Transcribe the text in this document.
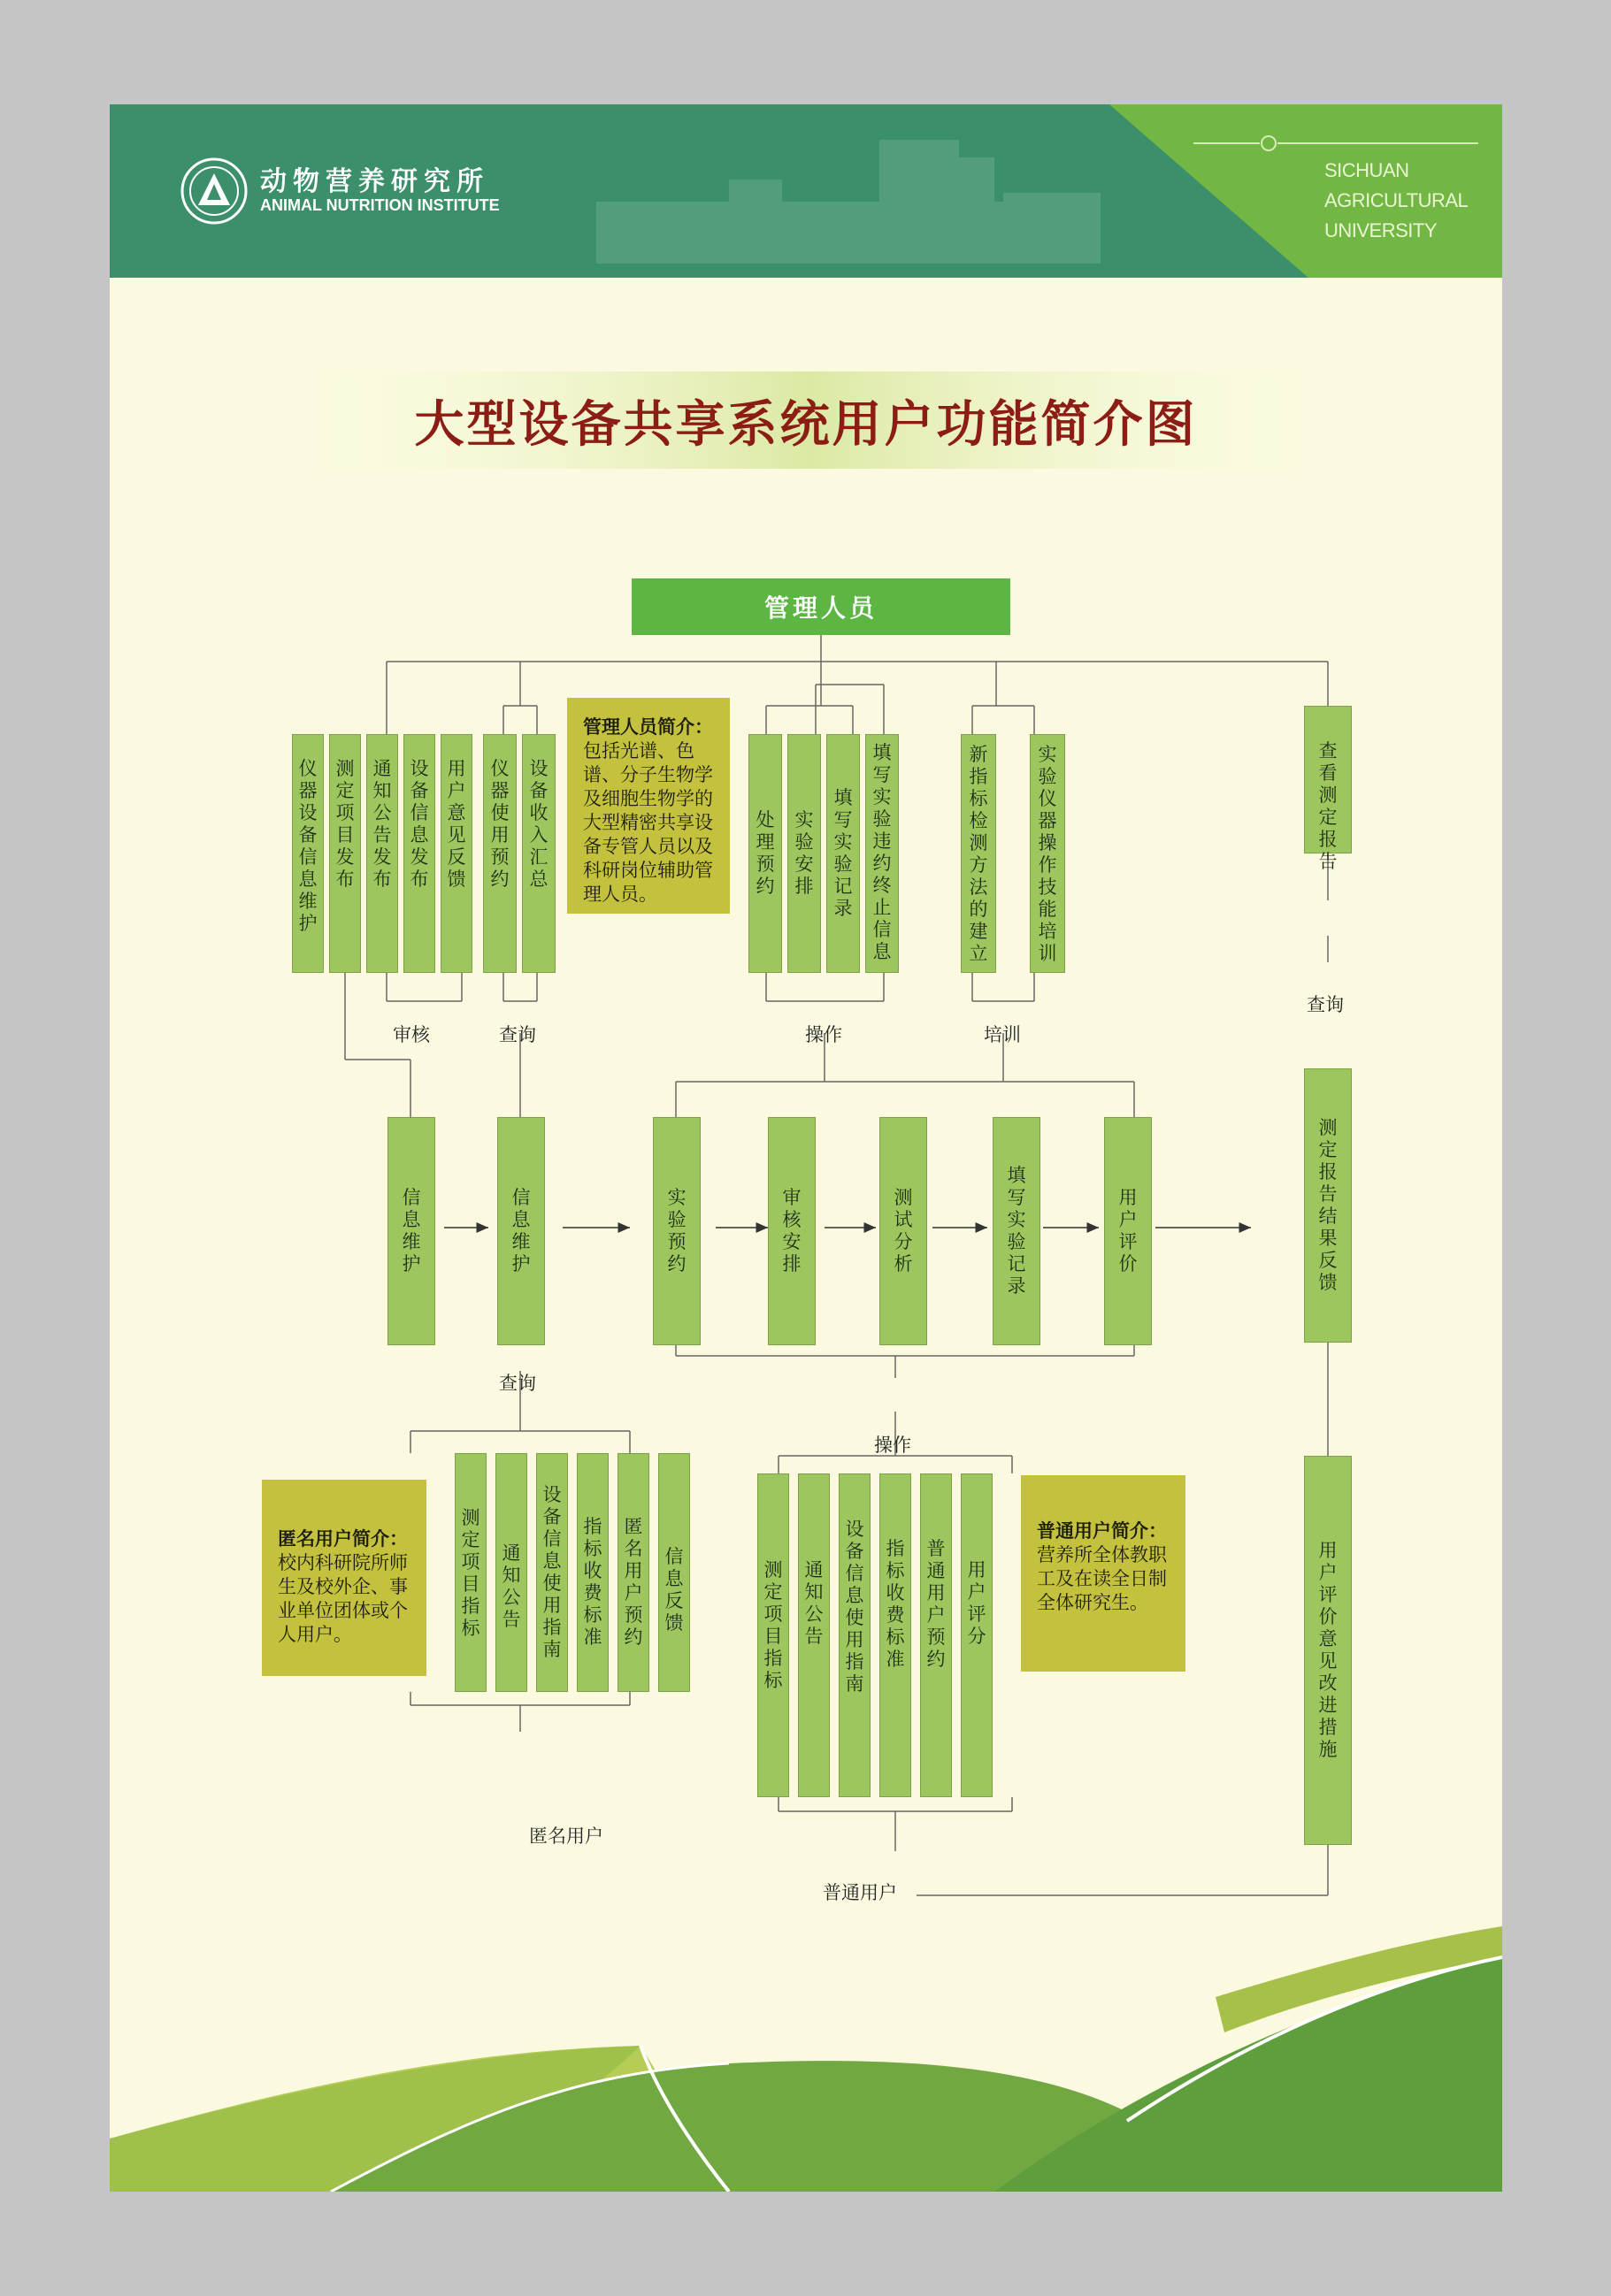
动物营养研究所
ANIMAL NUTRITION INSTITUTE
SICHUAN
AGRICULTURAL
UNIVERSITY
大型设备共享系统用户功能简介图
管理人员
仪
器
设
备
信
息
维
护
测
定
项
目
发
布
通
知
公
告
发
布
设
备
信
息
发
布
用
户
意
见
反
馈
仪
器
使
用
预
约
设
备
收
入
汇
总
管理人员简介：包括光谱、色谱、分子生物学及细胞生物学的大型精密共享设备专管人员以及科研岗位辅助管理人员。
处
理
预
约
实
验
安
排
填
写
实
验
记
录
填
写
实
验
违
约
终
止
信
息
新
指
标
检
测
方
法
的
建
立
实
验
仪
器
操
作
技
能
培
训
查
看
测
定
报
告
审核	查询	操作	培训
查询
查询
操作
匿名用户
普通用户
信
息
维
护
信
息
维
护
实
验
预
约
审
核
安
排
测
试
分
析
填
写
实
验
记
录
用
户
评
价
测
定
报
告
结
果
反
馈
用
户
评
价
意
见
改
进
措
施
匿名用户简介：校内科研院所师生及校外企、事业单位团体或个人用户。
测
定
项
目
指
标
通
知
公
告
设
备
信
息
使
用
指
南
指
标
收
费
标
准
匿
名
用
户
预
约
信
息
反
馈
测
定
项
目
指
标
通
知
公
告
设
备
信
息
使
用
指
南
指
标
收
费
标
准
普
通
用
户
预
约
用
户
评
分
普通用户简介：营养所全体教职工及在读全日制全体研究生。
